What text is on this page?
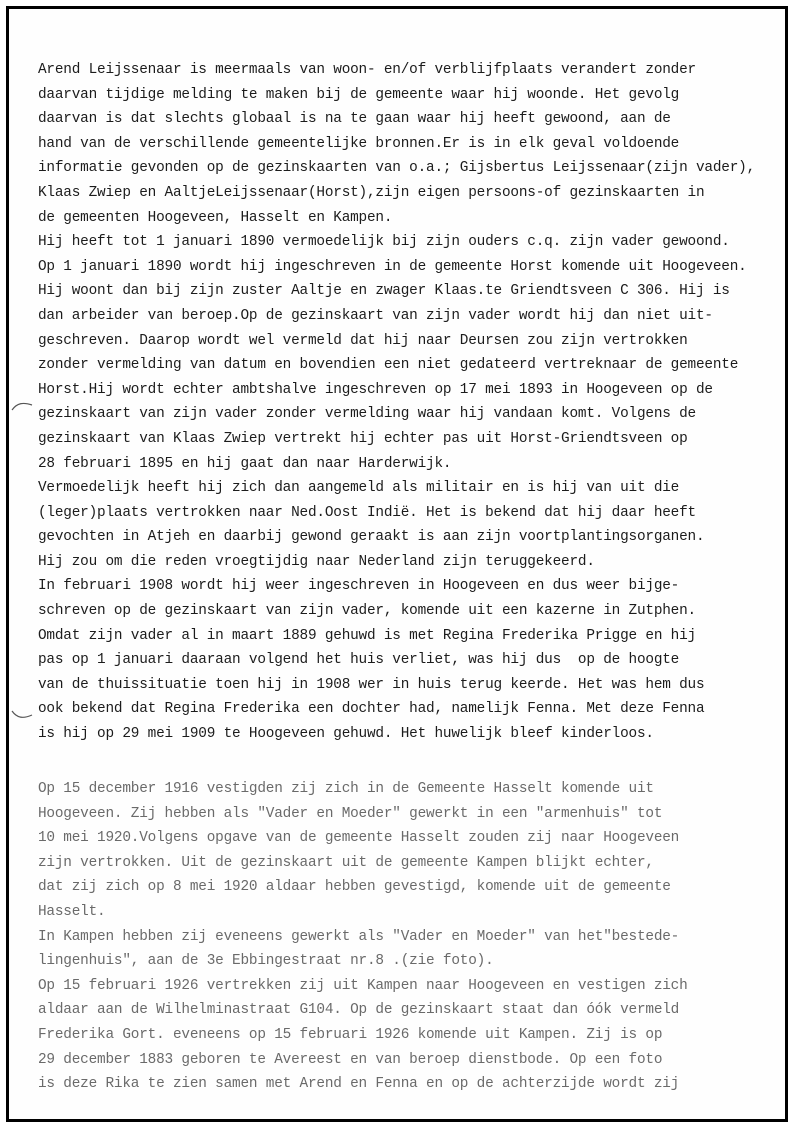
Arend Leijssenaar is meermaals van woon- en/of verblijfplaats verandert zonder
daarvan tijdige melding te maken bij de gemeente waar hij woonde. Het gevolg
daarvan is dat slechts globaal is na te gaan waar hij heeft gewoond, aan de
hand van de verschillende gemeentelijke bronnen.Er is in elk geval voldoende
informatie gevonden op de gezinskaarten van o.a.; Gijsbertus Leijssenaar(zijn vader),
Klaas Zwiep en AaltjeLeijssenaar(Horst),zijn eigen persoons-of gezinskaarten in
de gemeenten Hoogeveen, Hasselt en Kampen.
Hij heeft tot 1 januari 1890 vermoedelijk bij zijn ouders c.q. zijn vader gewoond.
Op 1 januari 1890 wordt hij ingeschreven in de gemeente Horst komende uit Hoogeveen.
Hij woont dan bij zijn zuster Aaltje en zwager Klaas.te Griendtsveen C 306. Hij is
dan arbeider van beroep.Op de gezinskaart van zijn vader wordt hij dan niet uit-
geschreven. Daarop wordt wel vermeld dat hij naar Deursen zou zijn vertrokken
zonder vermelding van datum en bovendien een niet gedateerd vertreknaar de gemeente
Horst.Hij wordt echter ambtshalve ingeschreven op 17 mei 1893 in Hoogeveen op de
gezinskaart van zijn vader zonder vermelding waar hij vandaan komt. Volgens de
gezinskaart van Klaas Zwiep vertrekt hij echter pas uit Horst-Griendtsveen op
28 februari 1895 en hij gaat dan naar Harderwijk.
Vermoedelijk heeft hij zich dan aangemeld als militair en is hij van uit die
(leger)plaats vertrokken naar Ned.Oost Indië. Het is bekend dat hij daar heeft
gevochten in Atjeh en daarbij gewond geraakt is aan zijn voortplantingsorganen.
Hij zou om die reden vroegtijdig naar Nederland zijn teruggekeerd.
In februari 1908 wordt hij weer ingeschreven in Hoogeveen en dus weer bijge-
schreven op de gezinskaart van zijn vader, komende uit een kazerne in Zutphen.
Omdat zijn vader al in maart 1889 gehuwd is met Regina Frederika Prigge en hij
pas op 1 januari daaraan volgend het huis verliet, was hij dus  op de hoogte
van de thuissituatie toen hij in 1908 wer in huis terug keerde. Het was hem dus
ook bekend dat Regina Frederika een dochter had, namelijk Fenna. Met deze Fenna
is hij op 29 mei 1909 te Hoogeveen gehuwd. Het huwelijk bleef kinderloos.
Op 15 december 1916 vestigden zij zich in de Gemeente Hasselt komende uit
Hoogeveen. Zij hebben als "Vader en Moeder" gewerkt in een "armenhuis" tot
10 mei 1920.Volgens opgave van de gemeente Hasselt zouden zij naar Hoogeveen
zijn vertrokken. Uit de gezinskaart uit de gemeente Kampen blijkt echter,
dat zij zich op 8 mei 1920 aldaar hebben gevestigd, komende uit de gemeente
Hasselt.
In Kampen hebben zij eveneens gewerkt als "Vader en Moeder" van het"bestede-
lingenhuis", aan de 3e Ebbingestraat nr.8 .(zie foto).
Op 15 februari 1926 vertrekken zij uit Kampen naar Hoogeveen en vestigen zich
aldaar aan de Wilhelminastraat G104. Op de gezinskaart staat dan óók vermeld
Frederika Gort. eveneens op 15 februari 1926 komende uit Kampen. Zij is op
29 december 1883 geboren te Avereest en van beroep dienstbode. Op een foto
is deze Rika te zien samen met Arend en Fenna en op de achterzijde wordt zij
